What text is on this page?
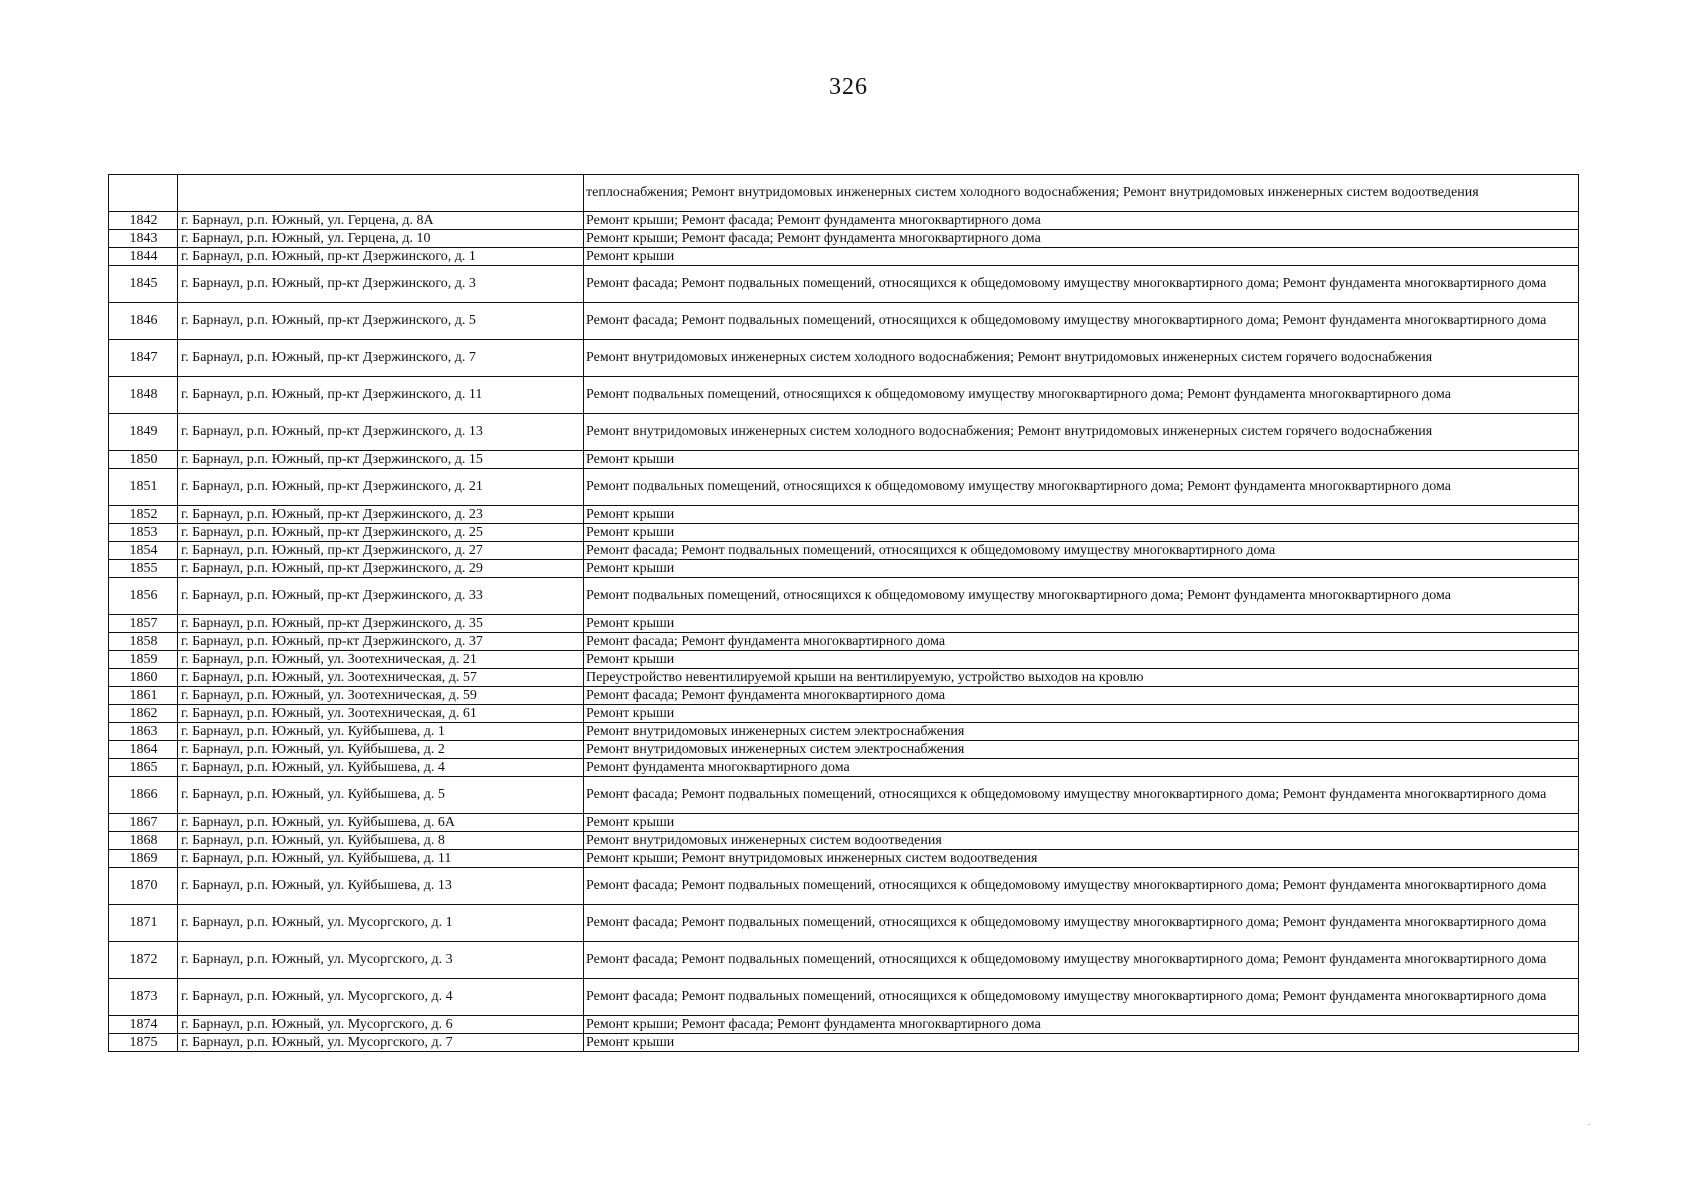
326
		теплоснабжения; Ремонт внутридомовых инженерных систем холодного водоснабжения; Ремонт внутридомовых инженерных систем водоотведения
1842	г. Барнаул, р.п. Южный, ул. Герцена, д. 8А	Ремонт крыши; Ремонт фасада; Ремонт фундамента многоквартирного дома
1843	г. Барнаул, р.п. Южный, ул. Герцена, д. 10	Ремонт крыши; Ремонт фасада; Ремонт фундамента многоквартирного дома
1844	г. Барнаул, р.п. Южный, пр-кт Дзержинского, д. 1	Ремонт крыши
1845	г. Барнаул, р.п. Южный, пр-кт Дзержинского, д. 3	Ремонт фасада; Ремонт подвальных помещений, относящихся к общедомовому имуществу многоквартирного дома; Ремонт фундамента многоквартирного дома
1846	г. Барнаул, р.п. Южный, пр-кт Дзержинского, д. 5	Ремонт фасада; Ремонт подвальных помещений, относящихся к общедомовому имуществу многоквартирного дома; Ремонт фундамента многоквартирного дома
1847	г. Барнаул, р.п. Южный, пр-кт Дзержинского, д. 7	Ремонт внутридомовых инженерных систем холодного водоснабжения; Ремонт внутридомовых инженерных систем горячего водоснабжения
1848	г. Барнаул, р.п. Южный, пр-кт Дзержинского, д. 11	Ремонт подвальных помещений, относящихся к общедомовому имуществу многоквартирного дома; Ремонт фундамента многоквартирного дома
1849	г. Барнаул, р.п. Южный, пр-кт Дзержинского, д. 13	Ремонт внутридомовых инженерных систем холодного водоснабжения; Ремонт внутридомовых инженерных систем горячего водоснабжения
1850	г. Барнаул, р.п. Южный, пр-кт Дзержинского, д. 15	Ремонт крыши
1851	г. Барнаул, р.п. Южный, пр-кт Дзержинского, д. 21	Ремонт подвальных помещений, относящихся к общедомовому имуществу многоквартирного дома; Ремонт фундамента многоквартирного дома
1852	г. Барнаул, р.п. Южный, пр-кт Дзержинского, д. 23	Ремонт крыши
1853	г. Барнаул, р.п. Южный, пр-кт Дзержинского, д. 25	Ремонт крыши
1854	г. Барнаул, р.п. Южный, пр-кт Дзержинского, д. 27	Ремонт фасада; Ремонт подвальных помещений, относящихся к общедомовому имуществу многоквартирного дома
1855	г. Барнаул, р.п. Южный, пр-кт Дзержинского, д. 29	Ремонт крыши
1856	г. Барнаул, р.п. Южный, пр-кт Дзержинского, д. 33	Ремонт подвальных помещений, относящихся к общедомовому имуществу многоквартирного дома; Ремонт фундамента многоквартирного дома
1857	г. Барнаул, р.п. Южный, пр-кт Дзержинского, д. 35	Ремонт крыши
1858	г. Барнаул, р.п. Южный, пр-кт Дзержинского, д. 37	Ремонт фасада; Ремонт фундамента многоквартирного дома
1859	г. Барнаул, р.п. Южный, ул. Зоотехническая, д. 21	Ремонт крыши
1860	г. Барнаул, р.п. Южный, ул. Зоотехническая, д. 57	Переустройство невентилируемой крыши на вентилируемую, устройство выходов на кровлю
1861	г. Барнаул, р.п. Южный, ул. Зоотехническая, д. 59	Ремонт фасада; Ремонт фундамента многоквартирного дома
1862	г. Барнаул, р.п. Южный, ул. Зоотехническая, д. 61	Ремонт крыши
1863	г. Барнаул, р.п. Южный, ул. Куйбышева, д. 1	Ремонт внутридомовых инженерных систем электроснабжения
1864	г. Барнаул, р.п. Южный, ул. Куйбышева, д. 2	Ремонт внутридомовых инженерных систем электроснабжения
1865	г. Барнаул, р.п. Южный, ул. Куйбышева, д. 4	Ремонт фундамента многоквартирного дома
1866	г. Барнаул, р.п. Южный, ул. Куйбышева, д. 5	Ремонт фасада; Ремонт подвальных помещений, относящихся к общедомовому имуществу многоквартирного дома; Ремонт фундамента многоквартирного дома
1867	г. Барнаул, р.п. Южный, ул. Куйбышева, д. 6А	Ремонт крыши
1868	г. Барнаул, р.п. Южный, ул. Куйбышева, д. 8	Ремонт внутридомовых инженерных систем водоотведения
1869	г. Барнаул, р.п. Южный, ул. Куйбышева, д. 11	Ремонт крыши; Ремонт внутридомовых инженерных систем водоотведения
1870	г. Барнаул, р.п. Южный, ул. Куйбышева, д. 13	Ремонт фасада; Ремонт подвальных помещений, относящихся к общедомовому имуществу многоквартирного дома; Ремонт фундамента многоквартирного дома
1871	г. Барнаул, р.п. Южный, ул. Мусоргского, д. 1	Ремонт фасада; Ремонт подвальных помещений, относящихся к общедомовому имуществу многоквартирного дома; Ремонт фундамента многоквартирного дома
1872	г. Барнаул, р.п. Южный, ул. Мусоргского, д. 3	Ремонт фасада; Ремонт подвальных помещений, относящихся к общедомовому имуществу многоквартирного дома; Ремонт фундамента многоквартирного дома
1873	г. Барнаул, р.п. Южный, ул. Мусоргского, д. 4	Ремонт фасада; Ремонт подвальных помещений, относящихся к общедомовому имуществу многоквартирного дома; Ремонт фундамента многоквартирного дома
1874	г. Барнаул, р.п. Южный, ул. Мусоргского, д. 6	Ремонт крыши; Ремонт фасада; Ремонт фундамента многоквартирного дома
1875	г. Барнаул, р.п. Южный, ул. Мусоргского, д. 7	Ремонт крыши
